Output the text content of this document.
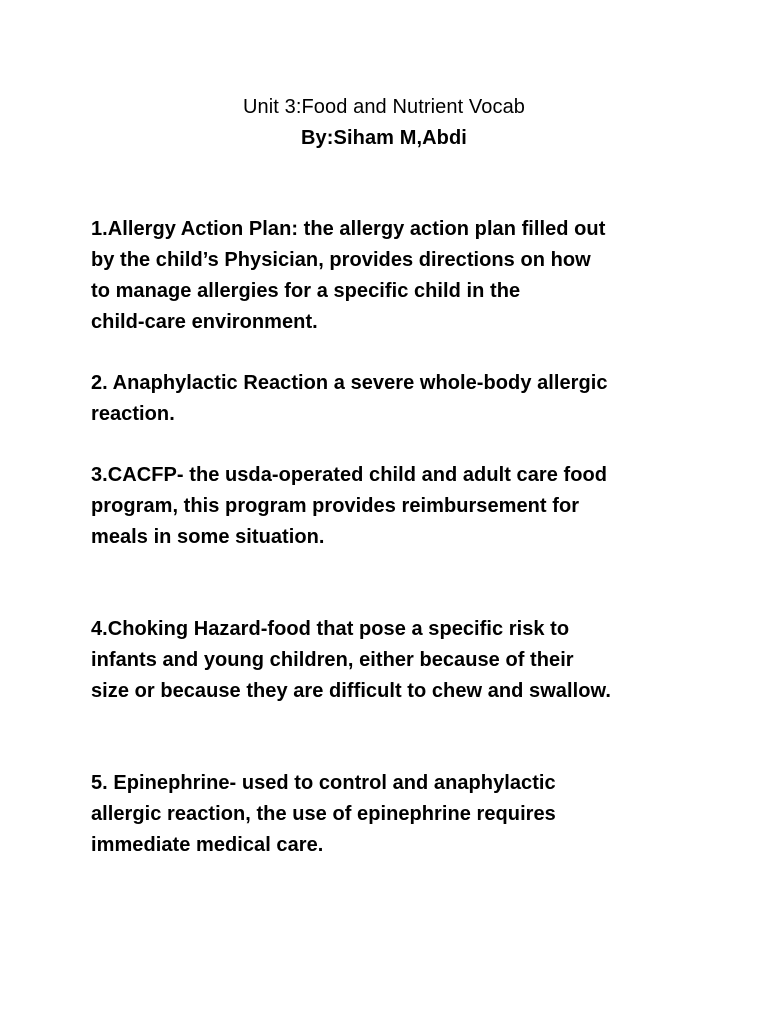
Unit 3:Food and Nutrient Vocab
By:Siham M,Abdi
1.Allergy Action Plan: the allergy action plan filled out
by the child’s Physician, provides directions on how
to manage allergies for a specific child in the
child-care environment.
2. Anaphylactic Reaction a severe whole-body allergic
reaction.
3.CACFP- the usda-operated child and adult care food
program, this program provides reimbursement for
meals in some situation.
4.Choking Hazard-food that pose a specific risk to
infants and young children, either because of their
size or because they are difficult to chew and swallow.
5. Epinephrine- used to control and anaphylactic
allergic reaction, the use of epinephrine requires
immediate medical care.
